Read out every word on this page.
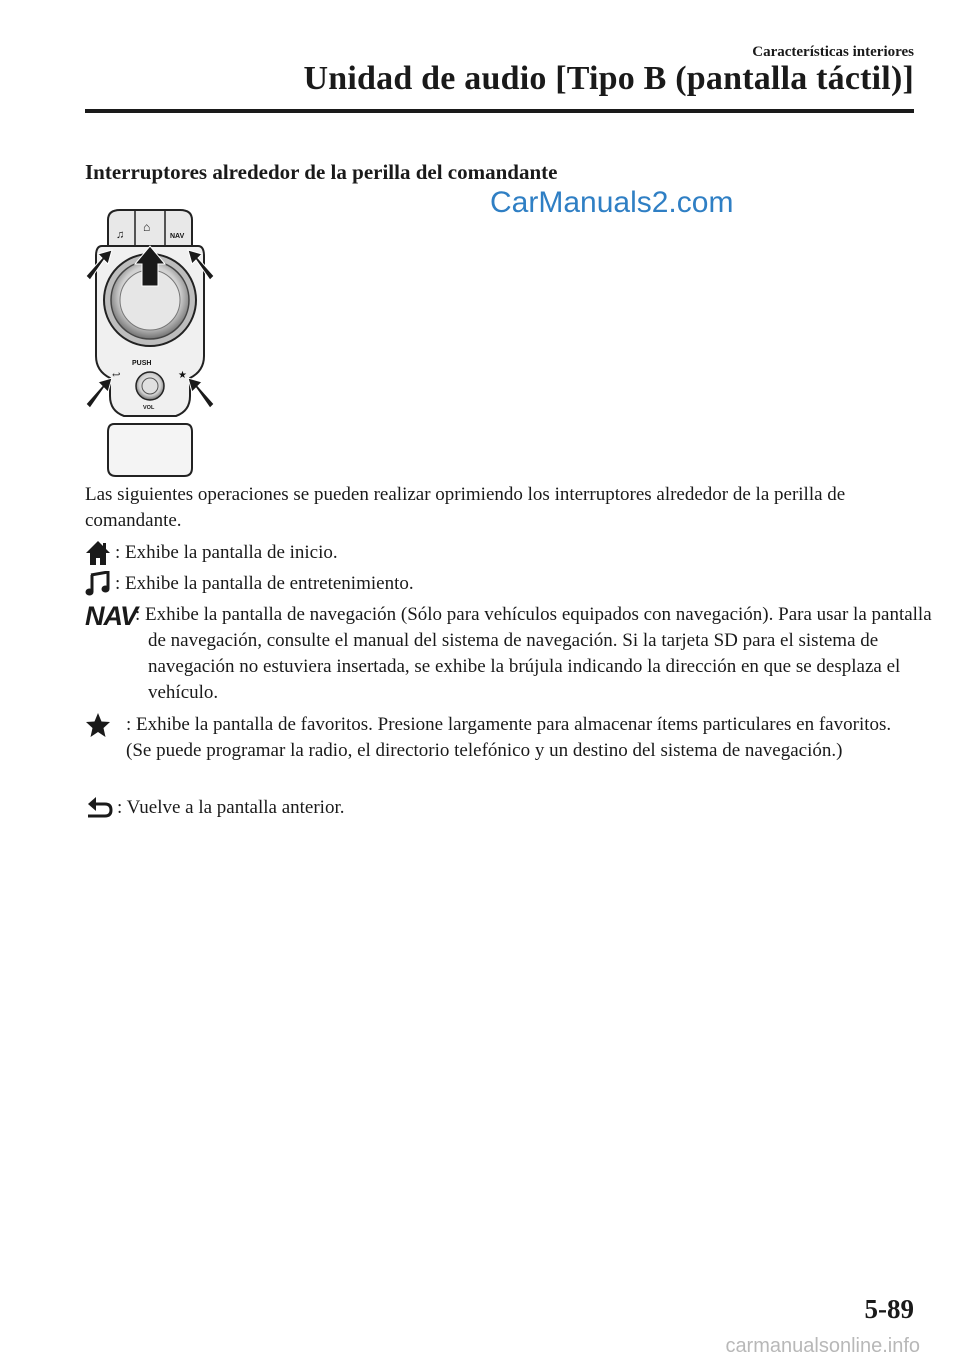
Características interiores
Unidad de audio [Tipo B (pantalla táctil)]
Interruptores alrededor de la perilla del comandante
CarManuals2.com
♫
⌂
NAV
PUSH
VOL
↩	★
Las siguientes operaciones se pueden realizar oprimiendo los interruptores alrededor de la perilla de comandante.
: Exhibe la pantalla de inicio.
: Exhibe la pantalla de entretenimiento.
NAV
: Exhibe la pantalla de navegación (Sólo para vehículos equipados con navegación). Para usar la pantalla de navegación, consulte el manual del sistema de navegación. Si la tarjeta SD para el sistema de navegación no estuviera insertada, se exhibe la brújula indicando la dirección en que se desplaza el vehículo.
: Exhibe la pantalla de favoritos. Presione largamente para almacenar ítems particulares en favoritos. (Se puede programar la radio, el directorio telefónico y un destino del sistema de navegación.)
: Vuelve a la pantalla anterior.
5-89
carmanualsonline.info
